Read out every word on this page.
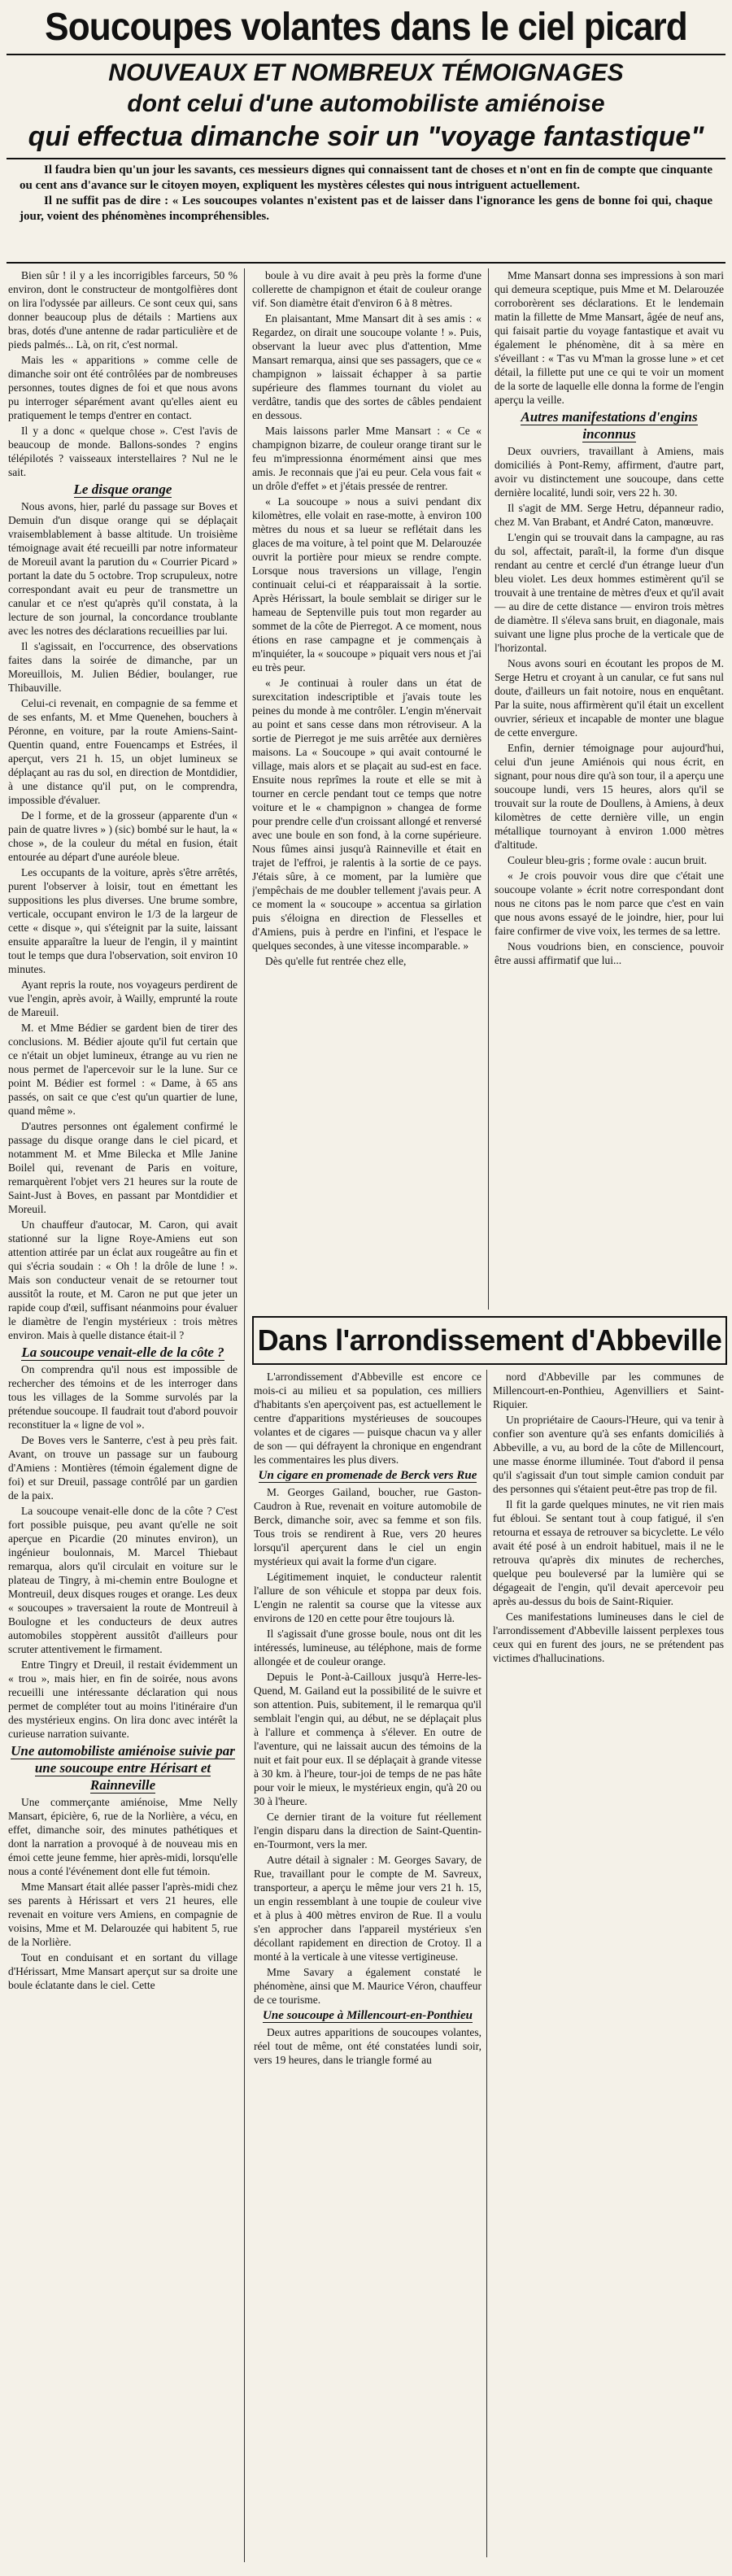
Soucoupes volantes dans le ciel picard
NOUVEAUX ET NOMBREUX TÉMOIGNAGES
dont celui d'une automobiliste amiénoise
qui effectua dimanche soir un "voyage fantastique"

Il faudra bien qu'un jour les savants, ces messieurs dignes qui connaissent tant de choses et n'ont en fin de compte que cinquante ou cent ans d'avance sur le citoyen moyen, expliquent les mystères célestes qui nous intriguent actuellement.

Il ne suffit pas de dire : « Les soucoupes volantes n'existent pas et de laisser dans l'ignorance les gens de bonne foi qui, chaque jour, voient des phénomènes incompréhensibles.

Bien sûr ! il y a les incorrigibles farceurs, 50 % environ, dont le constructeur de montgolfières dont on lira l'odyssée par ailleurs. Ce sont ceux qui, sans donner beaucoup plus de détails : Martiens aux bras, dotés d'une antenne de radar particulière et de pieds palmés... Là, on rit, c'est normal.

Mais les « apparitions » comme celle de dimanche soir ont été contrôlées par de nombreuses personnes, toutes dignes de foi et que nous avons pu interroger séparément avant qu'elles aient eu pratiquement le temps d'entrer en contact.

Il y a donc « quelque chose ». C'est l'avis de beaucoup de monde. Ballons-sondes ? engins télépilotés ? vaisseaux interstellaires ? Nul ne le sait.

Le disque orange

Nous avons, hier, parlé du passage sur Boves et Demuin d'un disque orange qui se déplaçait vraisemblablement à basse altitude. Un troisième témoignage avait été recueilli par notre informateur de Moreuil avant la parution du « Courrier Picard » portant la date du 5 octobre. Trop scrupuleux, notre correspondant avait eu peur de transmettre un canular et ce n'est qu'après qu'il constata, à la lecture de son journal, la concordance troublante avec les notres des déclarations recueillies par lui.

Il s'agissait, en l'occurrence, des observations faites dans la soirée de dimanche, par un Moreuillois, M. Julien Bédier, boulanger, rue Thibauville.

Celui-ci revenait, en compagnie de sa femme et de ses enfants, M. et Mme Quenehen, bouchers à Péronne, en voiture, par la route Amiens-Saint-Quentin quand, entre Fouencamps et Estrées, il aperçut, vers 21 h. 15, un objet lumineux se déplaçant au ras du sol, en direction de Montdidier, à une distance qu'il put, on le comprendra, impossible d'évaluer.

De l forme, et de la grosseur (apparente d'un « pain de quatre livres » ) (sic) bombé sur le haut, la « chose », de la couleur du métal en fusion, était entourée au départ d'une auréole bleue.

Les occupants de la voiture, après s'être arrêtés, purent l'observer à loisir, tout en émettant les suppositions les plus diverses. Une brume sombre, verticale, occupant environ le 1/3 de la largeur de cette « disque », qui s'éteignit par la suite, laissant ensuite apparaître la lueur de l'engin, il y maintint tout le temps que dura l'observation, soit environ 10 minutes.

Ayant repris la route, nos voyageurs perdirent de vue l'engin, après avoir, à Wailly, emprunté la route de Mareuil.

M. et Mme Bédier se gardent bien de tirer des conclusions. M. Bédier ajoute qu'il fut certain que ce n'était un objet lumineux, étrange au vu rien ne nous permet de l'apercevoir sur le la lune. Sur ce point M. Bédier est formel : « Dame, à 65 ans passés, on sait ce que c'est qu'un quartier de lune, quand même ».

D'autres personnes ont également confirmé le passage du disque orange dans le ciel picard, et notamment M. et Mme Bilecka et Mlle Janine Boilel qui, revenant de Paris en voiture, remarquèrent l'objet vers 21 heures sur la route de Saint-Just à Boves, en passant par Montdidier et Moreuil.

Un chauffeur d'autocar, M. Caron, qui avait stationné sur la ligne Roye-Amiens eut son attention attirée par un éclat aux rougeâtre au fin et qui s'écria soudain : « Oh ! la drôle de lune ! ». Mais son conducteur venait de se retourner tout aussitôt la route, et M. Caron ne put que jeter un rapide coup d'œil, suffisant néanmoins pour évaluer le diamètre de l'engin mystérieux : trois mètres environ. Mais à quelle distance était-il ?

La soucoupe venait-elle de la côte ?

On comprendra qu'il nous est impossible de rechercher des témoins et de les interroger dans tous les villages de la Somme survolés par la prétendue soucoupe. Il faudrait tout d'abord pouvoir reconstituer la « ligne de vol ».

De Boves vers le Santerre, c'est à peu près fait. Avant, on trouve un passage sur un faubourg d'Amiens : Montières (témoin également digne de foi) et sur Dreuil, passage contrôlé par un gardien de la paix.

La soucoupe venait-elle donc de la côte ? C'est fort possible puisque, peu avant qu'elle ne soit aperçue en Picardie (20 minutes environ), un ingénieur boulonnais, M. Marcel Thiebaut remarqua, alors qu'il circulait en voiture sur le plateau de Tingry, à mi-chemin entre Boulogne et Montreuil, deux disques rouges et orange. Les deux « soucoupes » traversaient la route de Montreuil à Boulogne et les conducteurs de deux autres automobiles stoppèrent aussitôt d'ailleurs pour scruter attentivement le firmament.

Entre Tingry et Dreuil, il restait évidemment un « trou », mais hier, en fin de soirée, nous avons recueilli une intéressante déclaration qui nous permet de compléter tout au moins l'itinéraire d'un des mystérieux engins. On lira donc avec intérêt la curieuse narration suivante.

Une automobiliste amiénoise suivie par une soucoupe entre Hérisart et Rainneville

Une commerçante amiénoise, Mme Nelly Mansart, épicière, 6, rue de la Norlière, a vécu, en effet, dimanche soir, des minutes pathétiques et dont la narration a provoqué à de nouveau mis en émoi cette jeune femme, hier après-midi, lorsqu'elle nous a conté l'événement dont elle fut témoin.

Mme Mansart était allée passer l'après-midi chez ses parents à Hérissart et vers 21 heures, elle revenait en voiture vers Amiens, en compagnie de voisins, Mme et M. Delarouzée qui habitent 5, rue de la Norlière.

Tout en conduisant et en sortant du village d'Hérissart, Mme Mansart aperçut sur sa droite une boule éclatante dans le ciel. Cette

boule à vu dire avait à peu près la forme d'une collerette de champignon et était de couleur orange vif. Son diamètre était d'environ 6 à 8 mètres.

En plaisantant, Mme Mansart dit à ses amis : « Regardez, on dirait une soucoupe volante ! ». Puis, observant la lueur avec plus d'attention, Mme Mansart remarqua, ainsi que ses passagers, que ce « champignon » laissait échapper à sa partie supérieure des flammes tournant du violet au verdâtre, tandis que des sortes de câbles pendaient en dessous.

Mais laissons parler Mme Mansart : « Ce « champignon bizarre, de couleur orange tirant sur le feu m'impressionna énormément ainsi que mes amis. Je reconnais que j'ai eu peur. Cela vous fait « un drôle d'effet » et j'étais pressée de rentrer.

« La soucoupe » nous a suivi pendant dix kilomètres, elle volait en rase-motte, à environ 100 mètres du nous et sa lueur se reflétait dans les glaces de ma voiture, à tel point que M. Delarouzée ouvrit la portière pour mieux se rendre compte. Lorsque nous traversions un village, l'engin continuait celui-ci et réapparaissait à la sortie. Après Hérissart, la boule semblait se diriger sur le hameau de Septenville puis tout mon regarder au sommet de la côte de Pierregot. A ce moment, nous étions en rase campagne et je commençais à m'inquiéter, la « soucoupe » piquait vers nous et j'ai eu très peur.

« Je continuai à rouler dans un état de surexcitation indescriptible et j'avais toute les peines du monde à me contrôler. L'engin m'énervait au point et sans cesse dans mon rétroviseur. A la sortie de Pierregot je me suis arrêtée aux dernières maisons. La « Soucoupe » qui avait contourné le village, mais alors et se plaçait au sud-est en face. Ensuite nous reprîmes la route et elle se mit à tourner en cercle pendant tout ce temps que notre voiture et le « champignon » changea de forme pour prendre celle d'un croissant allongé et renversé avec une boule en son fond, à la corne supérieure. Nous fûmes ainsi jusqu'à Rainneville et était en trajet de l'effroi, je ralentis à la sortie de ce pays. J'étais sûre, à ce moment, par la lumière que j'empêchais de me doubler tellement j'avais peur. A ce moment la « soucoupe » accentua sa girlation puis s'éloigna en direction de Flesselles et d'Amiens, puis à perdre en l'infini, et l'espace le quelques secondes, à une vitesse incomparable. »

Dès qu'elle fut rentrée chez elle,

Mme Mansart donna ses impressions à son mari qui demeura sceptique, puis Mme et M. Delarouzée corroborèrent ses déclarations. Et le lendemain matin la fillette de Mme Mansart, âgée de neuf ans, qui faisait partie du voyage fantastique et avait vu également le phénomène, dit à sa mère en s'éveillant : « T'as vu M'man la grosse lune » et cet détail, la fillette put une ce qui te voir un moment de la sorte de laquelle elle donna la forme de l'engin aperçu la veille.

Autres manifestations d'engins inconnus

Deux ouvriers, travaillant à Amiens, mais domiciliés à Pont-Remy, affirment, d'autre part, avoir vu distinctement une soucoupe, dans cette dernière localité, lundi soir, vers 22 h. 30.

Il s'agit de MM. Serge Hetru, dépanneur radio, chez M. Van Brabant, et André Caton, manœuvre.

L'engin qui se trouvait dans la campagne, au ras du sol, affectait, paraît-il, la forme d'un disque rendant au centre et cerclé d'un étrange lueur d'un bleu violet. Les deux hommes estimèrent qu'il se trouvait à une trentaine de mètres d'eux et qu'il avait — au dire de cette distance — environ trois mètres de diamètre. Il s'éleva sans bruit, en diagonale, mais suivant une ligne plus proche de la verticale que de l'horizontal.

Nous avons souri en écoutant les propos de M. Serge Hetru et croyant à un canular, ce fut sans nul doute, d'ailleurs un fait notoire, nous en enquêtant. Par la suite, nous affirmèrent qu'il était un excellent ouvrier, sérieux et incapable de monter une blague de cette envergure.

Enfin, dernier témoignage pour aujourd'hui, celui d'un jeune Amiénois qui nous écrit, en signant, pour nous dire qu'à son tour, il a aperçu une soucoupe lundi, vers 15 heures, alors qu'il se trouvait sur la route de Doullens, à Amiens, à deux kilomètres de cette dernière ville, un engin métallique tournoyant à environ 1.000 mètres d'altitude.

Couleur bleu-gris ; forme ovale : aucun bruit.

« Je crois pouvoir vous dire que c'était une soucoupe volante » écrit notre correspondant dont nous ne citons pas le nom parce que c'est en vain que nous avons essayé de le joindre, hier, pour lui faire confirmer de vive voix, les termes de sa lettre.

Nous voudrions bien, en conscience, pouvoir être aussi affirmatif que lui...

Dans l'arrondissement d'Abbeville

L'arrondissement d'Abbeville est encore ce mois-ci au milieu et sa population, ces milliers d'habitants s'en aperçoivent pas, est actuellement le centre d'apparitions mystérieuses de soucoupes volantes et de cigares — puisque chacun va y aller de son — qui défrayent la chronique en engendrant les commentaires les plus divers.

Un cigare en promenade de Berck vers Rue

M. Georges Gailand, boucher, rue Gaston-Caudron à Rue, revenait en voiture automobile de Berck, dimanche soir, avec sa femme et son fils. Tous trois se rendirent à Rue, vers 20 heures lorsqu'il aperçurent dans le ciel un engin mystérieux qui avait la forme d'un cigare.

Légitimement inquiet, le conducteur ralentit l'allure de son véhicule et stoppa par deux fois. L'engin ne ralentit sa course que la vitesse aux environs de 120 en cette pour être toujours là.

Il s'agissait d'une grosse boule, nous ont dit les intéressés, lumineuse, au téléphone, mais de forme allongée et de couleur orange.

Depuis le Pont-à-Cailloux jusqu'à Herre-les-Quend, M. Gailand eut la possibilité de le suivre et son attention. Puis, subitement, il le remarqua qu'il semblait l'engin qui, au début, ne se déplaçait plus à l'allure et commença à s'élever. En outre de l'aventure, qui ne laissait aucun des témoins de la nuit et fait pour eux. Il se déplaçait à grande vitesse à 30 km. à l'heure, tour-joi de temps de ne pas hâte pour voir le mieux, le mystérieux engin, qu'à 20 ou 30 à l'heure.

Ce dernier tirant de la voiture fut réellement l'engin disparu dans la direction de Saint-Quentin-en-Tourmont, vers la mer.

Autre détail à signaler : M. Georges Savary, de Rue, travaillant pour le compte de M. Savreux, transporteur, a aperçu le même jour vers 21 h. 15, un engin ressemblant à une toupie de couleur vive et à plus à 400 mètres environ de Rue. Il a voulu s'en approcher dans l'appareil mystérieux s'en décollant rapidement en direction de Crotoy. Il a monté à la verticale à une vitesse vertigineuse.

Mme Savary a également constaté le phénomène, ainsi que M. Maurice Véron, chauffeur de ce tourisme.

Une soucoupe à Millencourt-en-Ponthieu

Deux autres apparitions de soucoupes volantes, réel tout de même, ont été constatées lundi soir, vers 19 heures, dans le triangle formé au

nord d'Abbeville par les communes de Millencourt-en-Ponthieu, Agenvilliers et Saint-Riquier.

Un propriétaire de Caours-l'Heure, qui va tenir à confier son aventure qu'à ses enfants domiciliés à Abbeville, a vu, au bord de la côte de Millencourt, une masse énorme illuminée. Tout d'abord il pensa qu'il s'agissait d'un tout simple camion conduit par des personnes qui s'étaient peut-être pas trop de fil.

Il fit la garde quelques minutes, ne vit rien mais fut ébloui. Se sentant tout à coup fatigué, il s'en retourna et essaya de retrouver sa bicyclette. Le vélo avait été posé à un endroit habituel, mais il ne le retrouva qu'après dix minutes de recherches, quelque peu bouleversé par la lumière qui se dégageait de l'engin, qu'il devait apercevoir peu après au-dessus du bois de Saint-Riquier.

Ces manifestations lumineuses dans le ciel de l'arrondissement d'Abbeville laissent perplexes tous ceux qui en furent des jours, ne se prétendent pas victimes d'hallucinations.
